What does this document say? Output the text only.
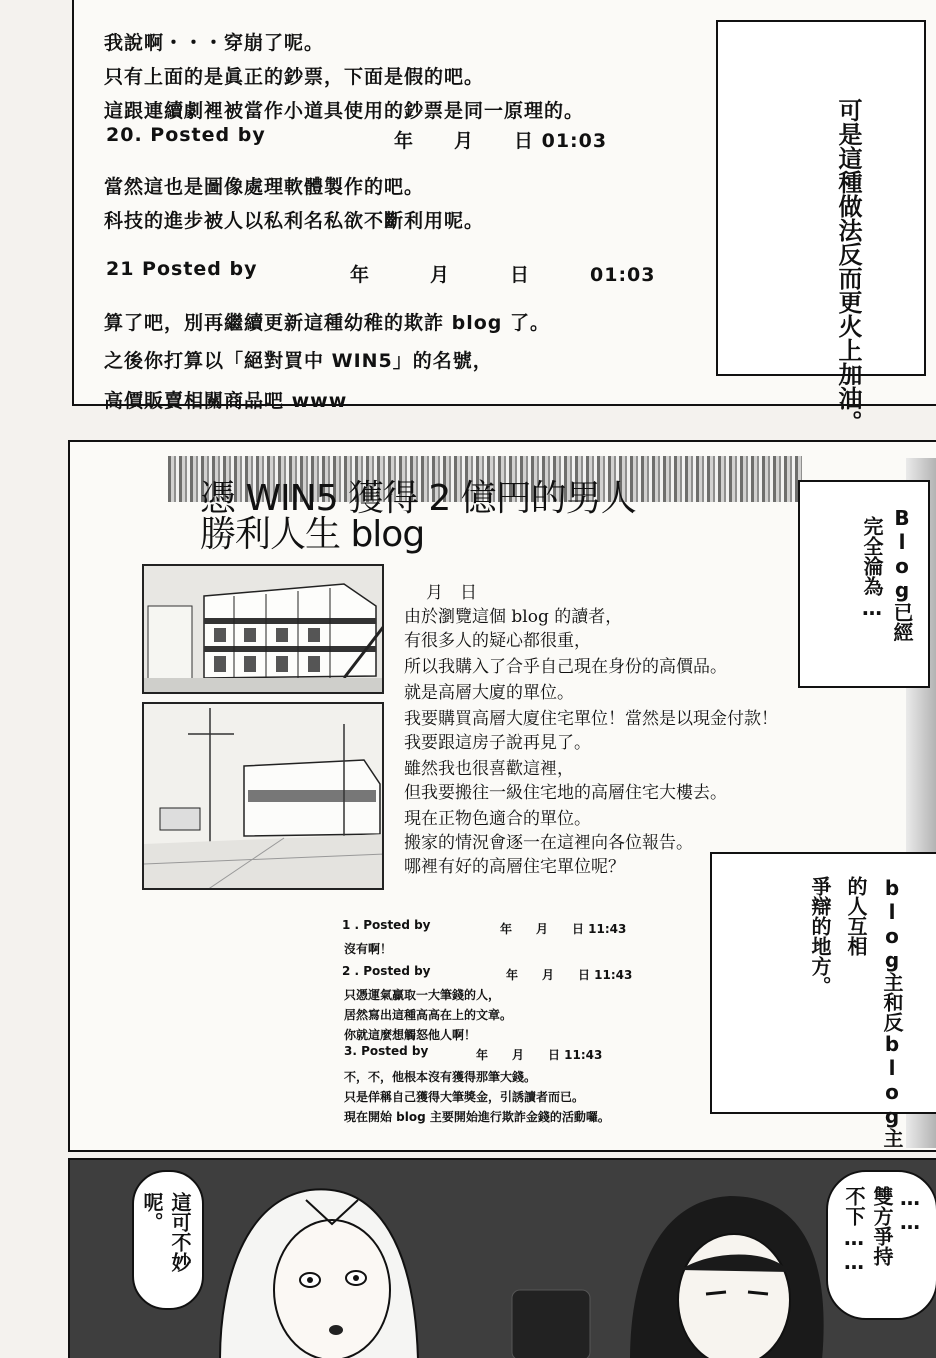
我說啊・・・穿崩了呢。
只有上面的是眞正的鈔票，下面是假的吧。
這跟連續劇裡被當作小道具使用的鈔票是同一原理的。
20. Posted by	年　　月　　日 01:03
當然這也是圖像處理軟體製作的吧。
科技的進步被人以私利名私欲不斷利用呢。
21 Posted by	年　　　月　　　日　　　01:03
算了吧，別再繼續更新這種幼稚的欺詐 blog 了。
之後你打算以「絕對買中 WIN5」的名號，
高價販賣相關商品吧 www	可是這種做法反而更火上加油。
憑 WIN5 獲得 2 億円的男人
勝利人生 blog
月　日
由於瀏覽這個 blog 的讀者，
有很多人的疑心都很重，
所以我購入了合乎自己現在身份的高價品。
就是高層大廈的單位。
我要購買高層大廈住宅單位！當然是以現金付款！
我要跟這房子說再見了。
雖然我也很喜歡這裡，
但我要搬往一級住宅地的高層住宅大樓去。
現在正物色適合的單位。
搬家的情況會逐一在這裡向各位報告。
哪裡有好的高層住宅單位呢？
1 . Posted by	年　　月　　日 11:43
沒有啊！
2 . Posted by	年　　月　　日 11:43
只憑運氣贏取一大筆錢的人，
居然寫出這種高高在上的文章。
你就這麼想觸怒他人啊！
3. Posted by	年　　月　　日 11:43
不，不，他根本沒有獲得那筆大錢。
只是佯稱自己獲得大筆獎金，引誘讀者而已。
現在開始 blog 主要開始進行欺詐金錢的活動囉。
Blog已經
完全淪為…
blog主和反blog主
的人互相
爭辯的地方。
這可不妙
呢。	……
雙方爭持
不下……
